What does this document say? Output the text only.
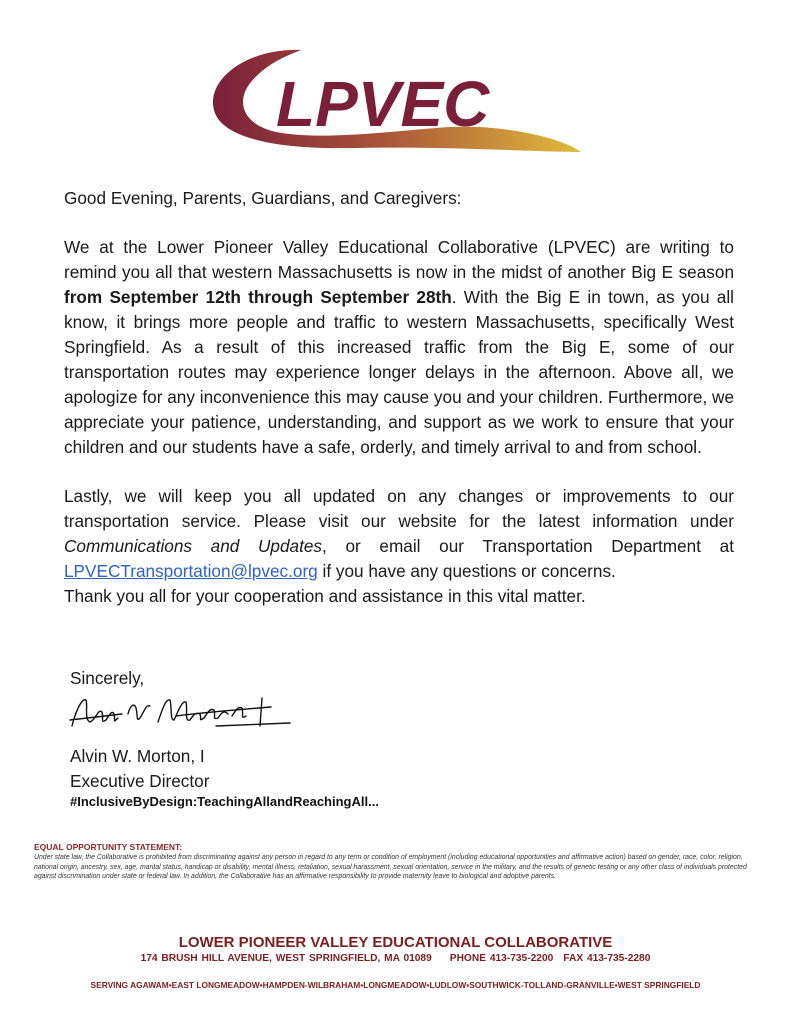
LPVEC

Good Evening, Parents, Guardians, and Caregivers:

We at the Lower Pioneer Valley Educational Collaborative (LPVEC) are writing to remind you all that western Massachusetts is now in the midst of another Big E season from September 12th through September 28th. With the Big E in town, as you all know, it brings more people and traffic to western Massachusetts, specifically West Springfield. As a result of this increased traffic from the Big E, some of our transportation routes may experience longer delays in the afternoon. Above all, we apologize for any inconvenience this may cause you and your children. Furthermore, we appreciate your patience, understanding, and support as we work to ensure that your children and our students have a safe, orderly, and timely arrival to and from school.

Lastly, we will keep you all updated on any changes or improvements to our transportation service. Please visit our website for the latest information under Communications and Updates, or email our Transportation Department at LPVECTransportation@lpvec.org if you have any questions or concerns.

Thank you all for your cooperation and assistance in this vital matter.

Sincerely,
Alvin W. Morton, I
Executive Director
#InclusiveByDesign:TeachingAllandReachingAll...
EQUAL OPPORTUNITY STATEMENT:
Under state law, the Collaborative is prohibited from discriminating against any person in regard to any term or condition of employment (including educational opportunities and affirmative action) based on gender, race, color, religion, national origin, ancestry, sex, age, marital status, handicap or disability, mental illness, retaliation, sexual harassment, sexual orientation, service in the military, and the results of genetic testing or any other class of individuals protected against discrimination under state or federal law. In addition, the Collaborative has an affirmative responsibility to provide maternity leave to biological and adoptive parents.
LOWER PIONEER VALLEY EDUCATIONAL COLLABORATIVE
174 BRUSH HILL AVENUE, WEST SPRINGFIELD, MA 01089 PHONE 413-735-2200 FAX 413-735-2280
SERVING AGAWAM▪EAST LONGMEADOW▪HAMPDEN-WILBRAHAM▪LONGMEADOW▪LUDLOW▪SOUTHWICK-TOLLAND-GRANVILLE▪WEST SPRINGFIELD
